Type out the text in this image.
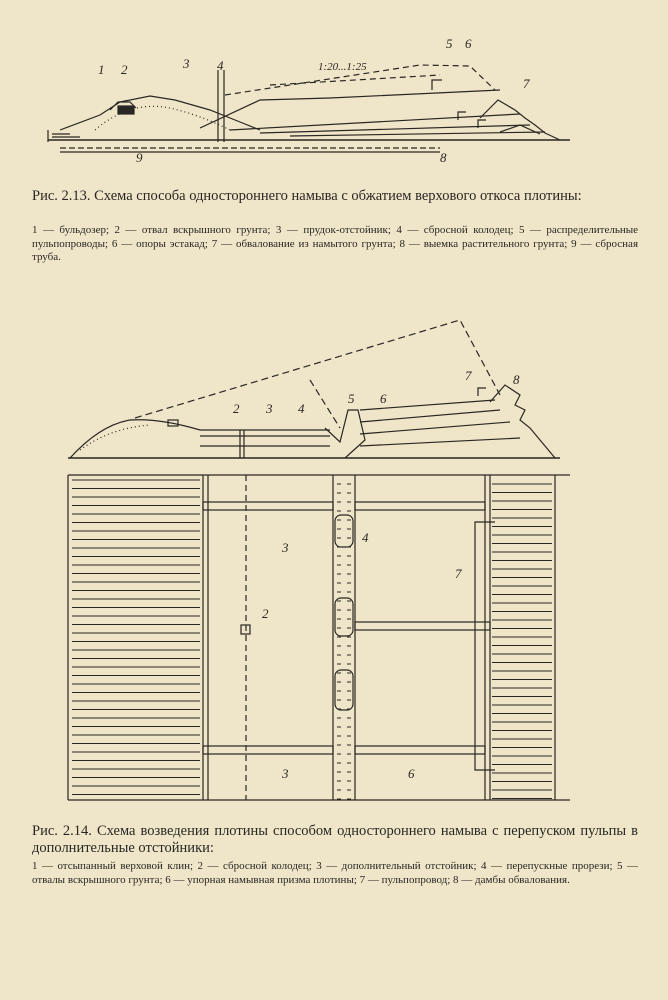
1 2	3 4
5 6
7
8
9
1:20...1:25
Рис. 2.13. Схема способа одностороннего намыва с обжатием верхового откоса плотины:
1 — бульдозер; 2 — отвал вскрышного грунта; 3 — прудок-отстойник; 4 — сбросной колодец; 5 — распределительные пульпопроводы; 6 — опоры эстакад; 7 — обвалование из намытого грунта; 8 — выемка растительного грунта; 9 — сбросная труба.
2 3 4
5 6
7	8
3
4
2
7
3	6
Рис. 2.14. Схема возведения плотины способом одностороннего намыва с перепуском пульпы в дополнительные отстойники:
1 — отсыпанный верховой клин; 2 — сбросной колодец; 3 — дополнительный отстойник; 4 — перепускные прорези; 5 — отвалы вскрышного грунта; 6 — упорная намывная призма плотины; 7 — пульпопровод; 8 — дамбы обвалования.
